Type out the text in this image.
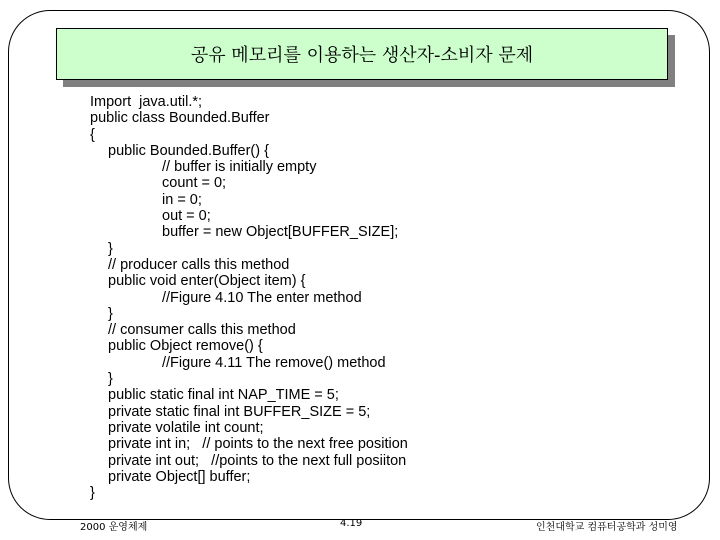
공유 메모리를 이용하는 생산자-소비자 문제
Import  java.util.*;
public class Bounded.Buffer
{
public Bounded.Buffer() {
// buffer is initially empty
count = 0;
in = 0;
out = 0;
buffer = new Object[BUFFER_SIZE];
}
// producer calls this method
public void enter(Object item) {
//Figure 4.10 The enter method
}
// consumer calls this method
public Object remove() {
//Figure 4.11 The remove() method
}
public static final int NAP_TIME = 5;
private static final int BUFFER_SIZE = 5;
private volatile int count;
private int in;   // points to the next free position
private int out;   //points to the next full posiiton
private Object[] buffer;
}
2000 운영체제	4.19	인천대학교 컴퓨터공학과 성미영
